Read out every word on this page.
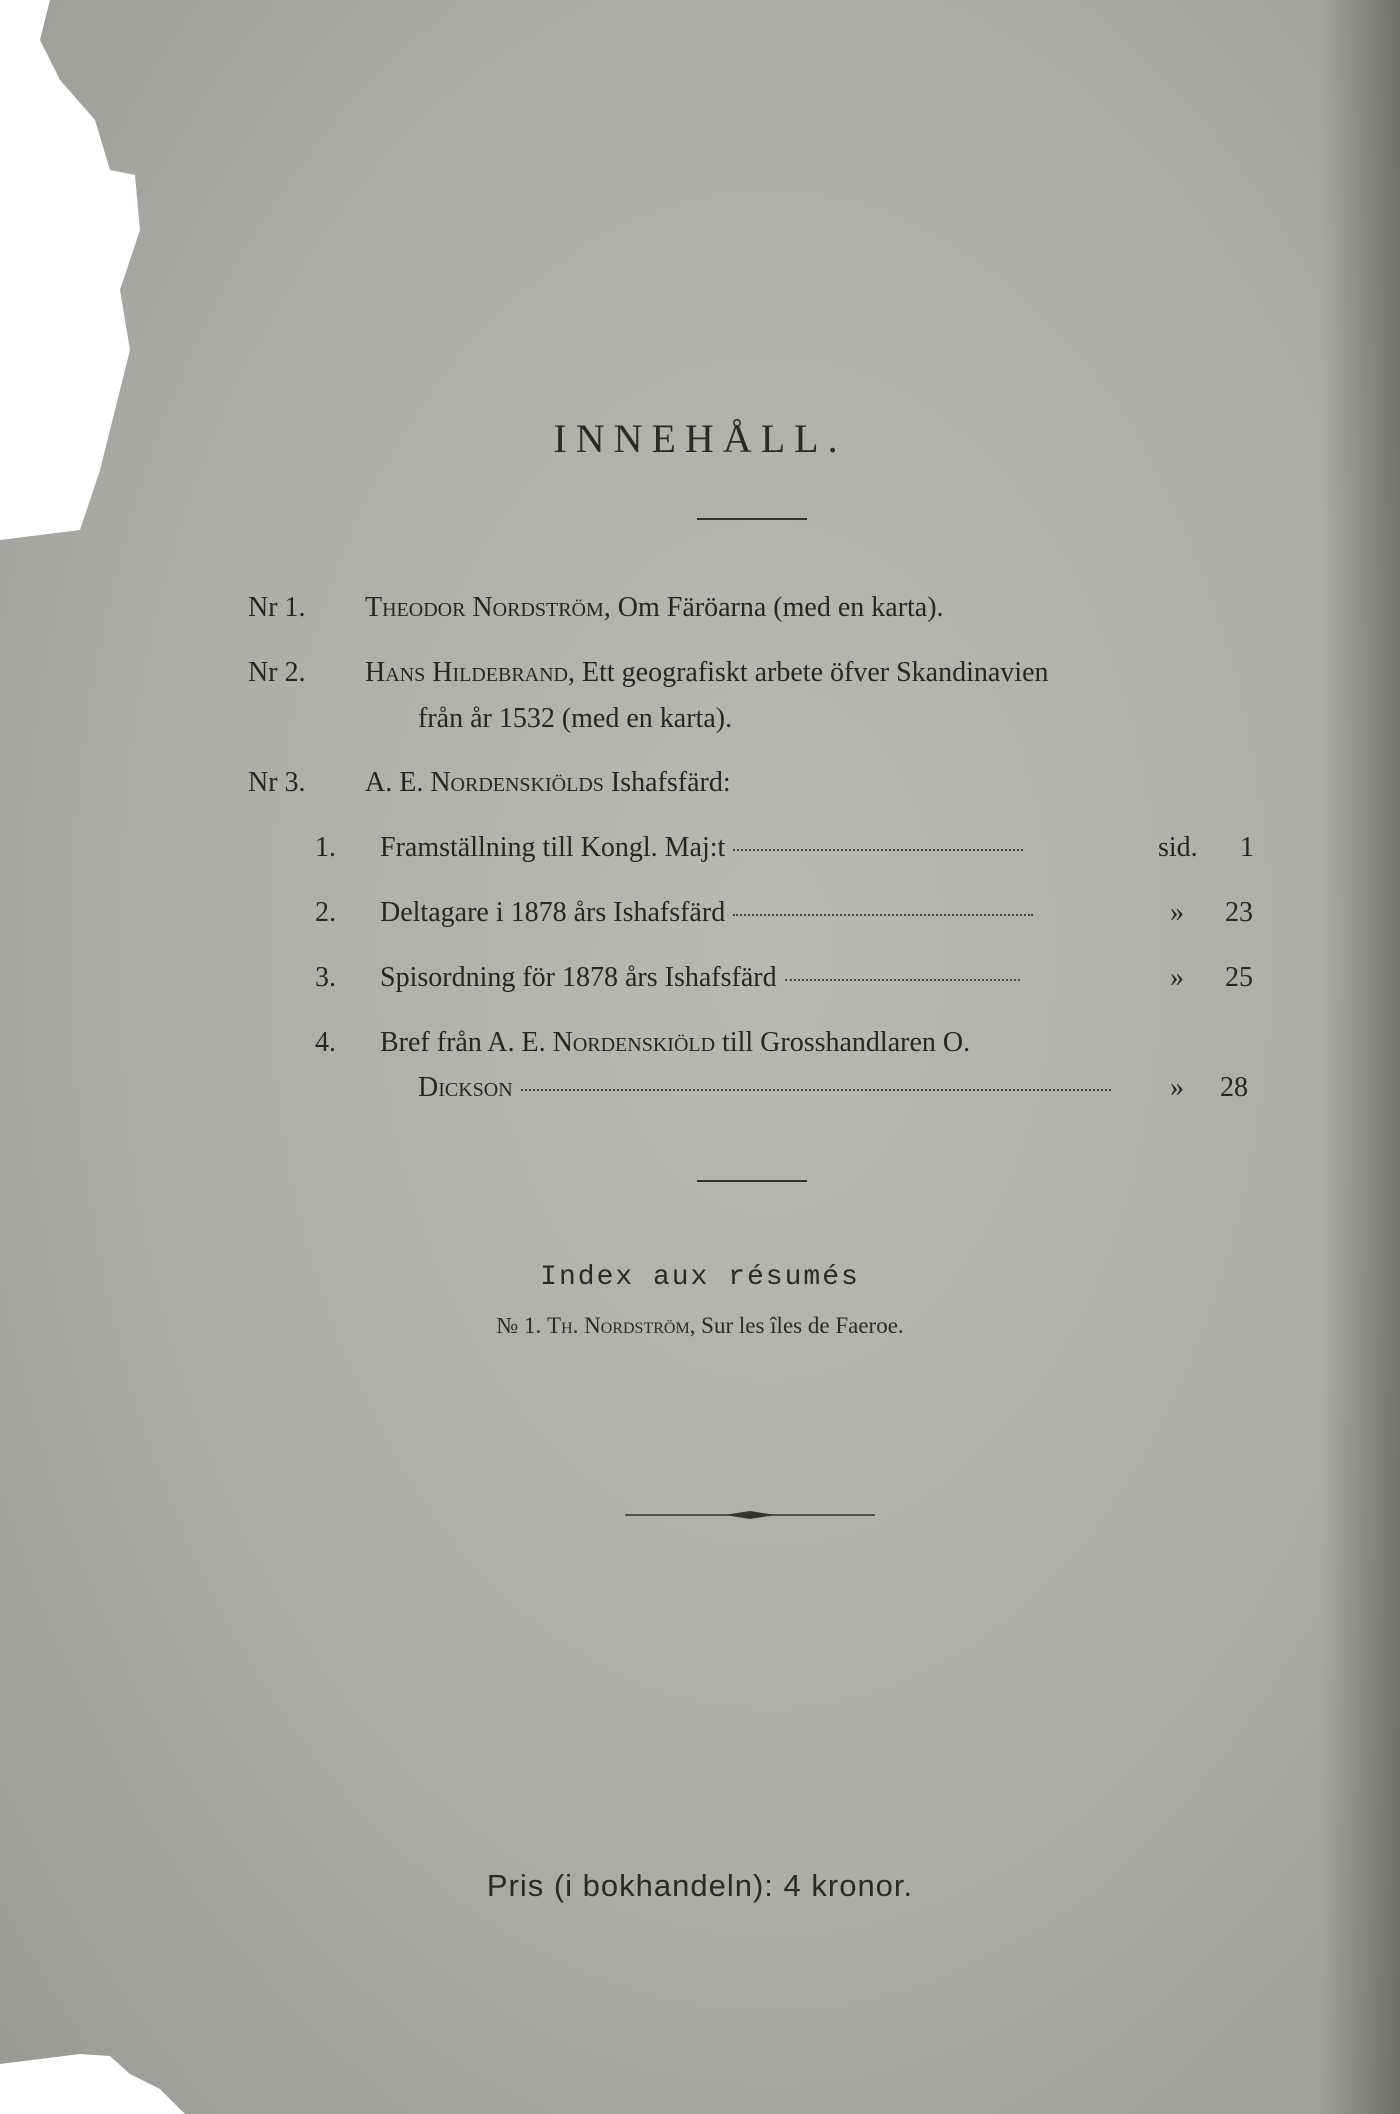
INNEHÅLL.
Nr 1. Theodor Nordström, Om Färöarna (med en karta).
Nr 2. Hans Hildebrand, Ett geografiskt arbete öfver Skandinavien
från år 1532 (med en karta).
Nr 3. A. E. Nordenskiölds Ishafsfärd:
1. Framställning till Kongl. Maj:t	sid. 1
2. Deltagare i 1878 års Ishafsfärd	» 23
3. Spisordning för 1878 års Ishafsfärd	» 25
4. Bref från A. E. Nordenskiöld till Grosshandlaren O.
Dickson	» 28
Index aux résumés
№ 1. Th. Nordström, Sur les îles de Faeroe.
Pris (i bokhandeln): 4 kronor.
